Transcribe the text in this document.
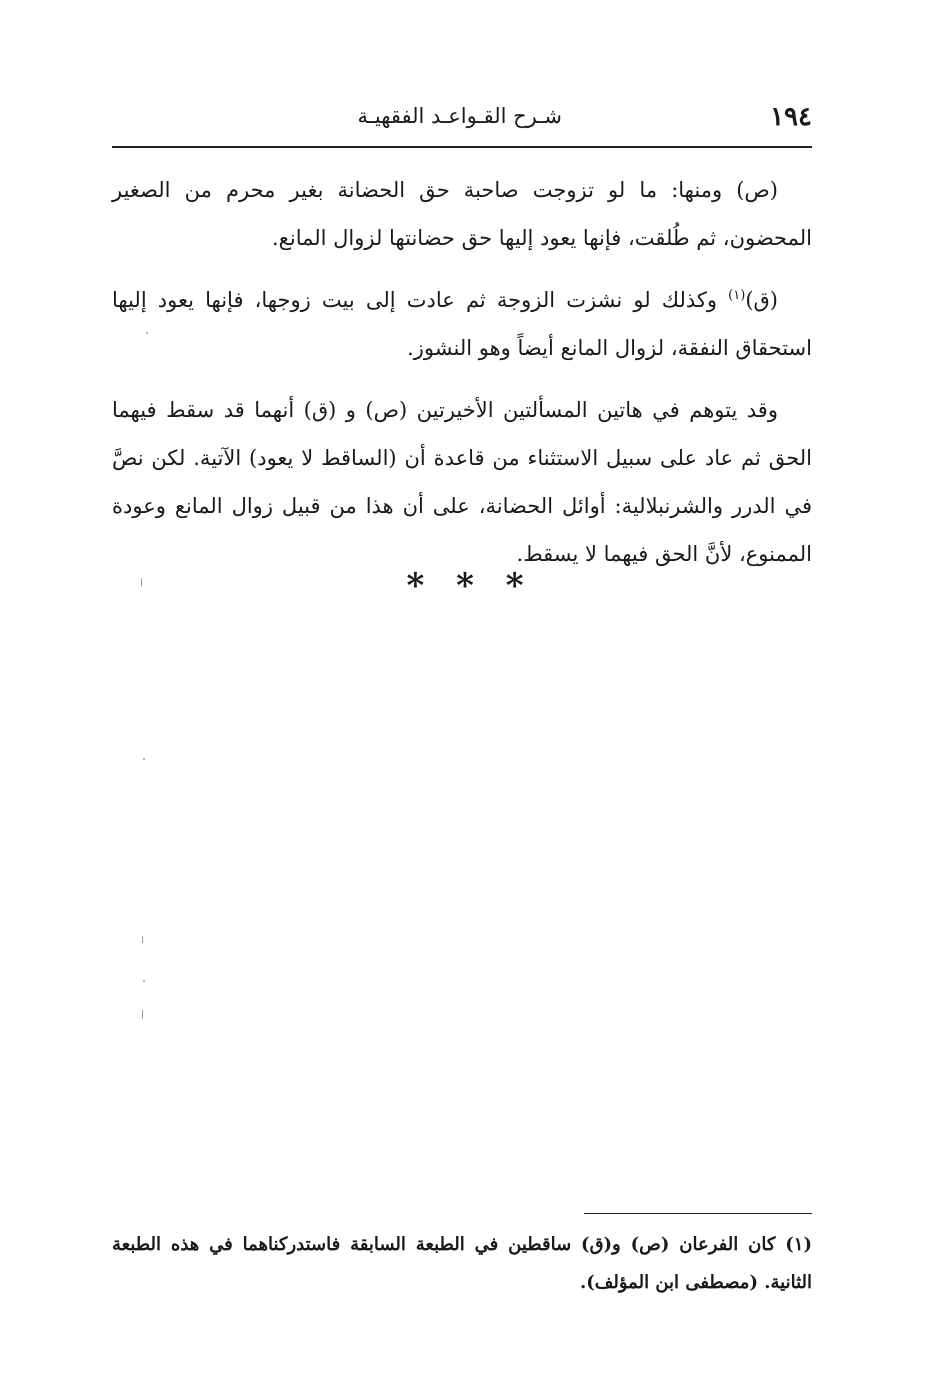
١٩٤
شـرح القـواعـد الفقهيـة

(ص) ومنها: ما لو تزوجت صاحبة حق الحضانة بغير محرم من الصغير المحضون، ثم طُلقت، فإنها يعود إليها حق حضانتها لزوال المانع.

(ق)$^{(١)}$ وكذلك لو نشزت الزوجة ثم عادت إلى بيت زوجها، فإنها يعود إليها استحقاق النفقة، لزوال المانع أيضاً وهو النشوز.

وقد يتوهم في هاتين المسألتين الأخيرتين (ص) و (ق) أنهما قد سقط فيهما الحق ثم عاد على سبيل الاستثناء من قاعدة أن (الساقط لا يعود) الآتية. لكن نصَّ في الدرر والشرنبلالية: أوائل الحضانة، على أن هذا من قبيل زوال المانع وعودة الممنوع، لأنَّ الحق فيهما لا يسقط.

* * *

(١) كان الفرعان (ص) و(ق) ساقطين في الطبعة السابقة فاستدركناهما في هذه الطبعة الثانية. (مصطفى ابن المؤلف).
